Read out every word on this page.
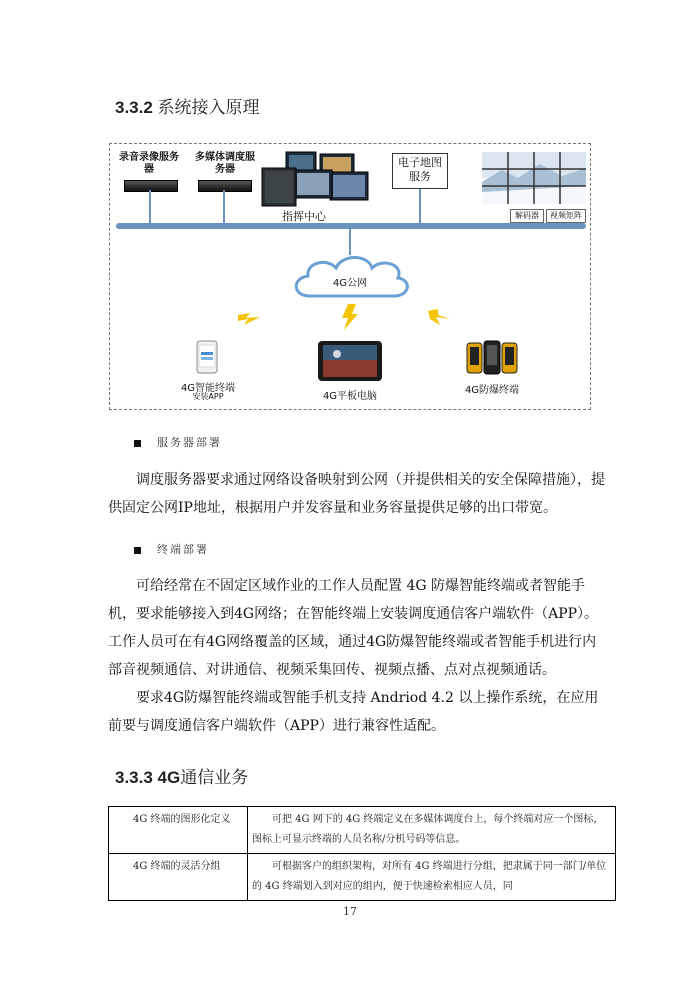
3.3.2 系统接入原理
录音录像服务器
多媒体调度服务器
指挥中心
电子地图服务
解码器	视频矩阵
4G公网
4G智能终端
安装APP	4G平板电脑
4G防爆终端
服务器部署
调度服务器要求通过网络设备映射到公网（并提供相关的安全保障措施），提供固定公网IP地址，根据用户并发容量和业务容量提供足够的出口带宽。
终端部署
可给经常在不固定区域作业的工作人员配置 4G 防爆智能终端或者智能手机，要求能够接入到4G网络；在智能终端上安装调度通信客户端软件（APP）。工作人员可在有4G网络覆盖的区域，通过4G防爆智能终端或者智能手机进行内部音视频通信、对讲通信、视频采集回传、视频点播、点对点视频通话。
要求4G防爆智能终端或智能手机支持 Andriod 4.2 以上操作系统，在应用前要与调度通信客户端软件（APP）进行兼容性适配。
3.3.3 4G通信业务
4G 终端的图形化定义	可把 4G 网下的 4G 终端定义在多媒体调度台上，每个终端对应一个图标，图标上可显示终端的人员名称/分机号码等信息。
4G 终端的灵活分组	可根据客户的组织架构，对所有 4G 终端进行分组，把隶属于同一部门/单位的 4G 终端划入到对应的组内，便于快速检索相应人员，同
17
